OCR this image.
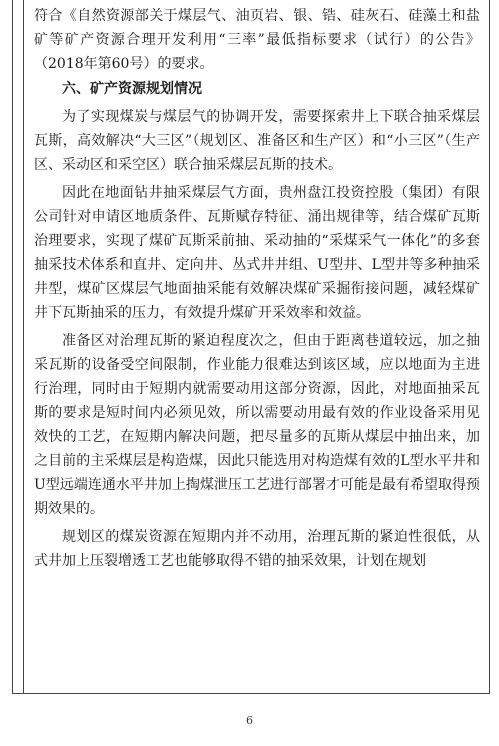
符合《自然资源部关于煤层气、油页岩、银、锆、硅灰石、硅藻土和盐矿等矿产资源合理开发利用“三率”最低指标要求（试行）的公告》（2018年第60号）的要求。

六、矿产资源规划情况

为了实现煤炭与煤层气的协调开发，需要探索井上下联合抽采煤层瓦斯，高效解决“大三区”（规划区、准备区和生产区）和“小三区”（生产区、采动区和采空区）联合抽采煤层瓦斯的技术。

因此在地面钻井抽采煤层气方面，贵州盘江投资控股（集团）有限公司针对申请区地质条件、瓦斯赋存特征、涌出规律等，结合煤矿瓦斯治理要求，实现了煤矿瓦斯采前抽、采动抽的“采煤采气一体化”的多套抽采技术体系和直井、定向井、丛式井井组、U型井、L型井等多种抽采井型，煤矿区煤层气地面抽采能有效解决煤矿采掘衔接问题，减轻煤矿井下瓦斯抽采的压力，有效提升煤矿开采效率和效益。

准备区对治理瓦斯的紧迫程度次之，但由于距离巷道较远，加之抽采瓦斯的设备受空间限制，作业能力很难达到该区域，应以地面为主进行治理，同时由于短期内就需要动用这部分资源，因此，对地面抽采瓦斯的要求是短时间内必须见效，所以需要动用最有效的作业设备采用见效快的工艺，在短期内解决问题，把尽量多的瓦斯从煤层中抽出来，加之目前的主采煤层是构造煤，因此只能选用对构造煤有效的L型水平井和U型远端连通水平井加上掏煤泄压工艺进行部署才可能是最有希望取得预期效果的。

规划区的煤炭资源在短期内并不动用，治理瓦斯的紧迫性很低，从式井加上压裂增透工艺也能够取得不错的抽采效果，计划在规划

6
